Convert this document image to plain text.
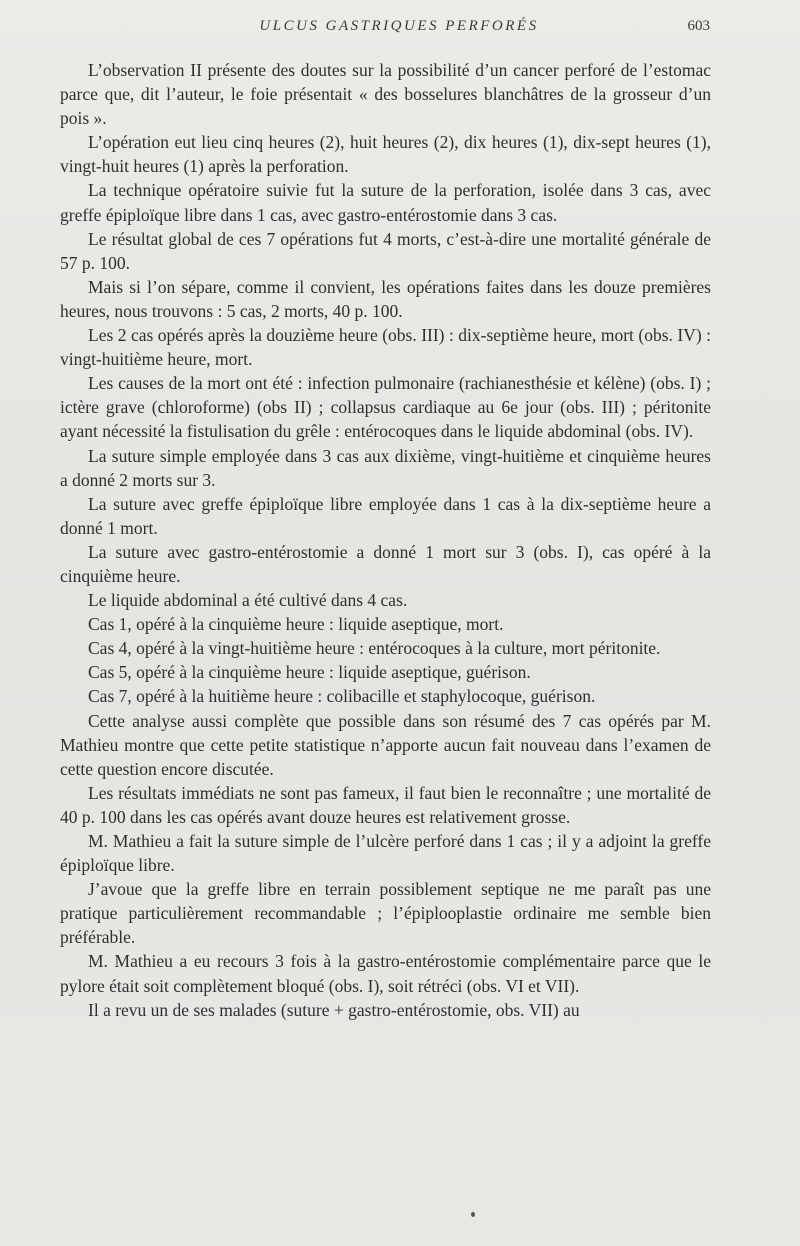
ULCUS GASTRIQUES PERFORÉS	603

L’observation II présente des doutes sur la possibilité d’un cancer perforé de l’estomac parce que, dit l’auteur, le foie présentait « des bosselures blanchâtres de la grosseur d’un pois ».

L’opération eut lieu cinq heures (2), huit heures (2), dix heures (1), dix-sept heures (1), vingt-huit heures (1) après la perforation.

La technique opératoire suivie fut la suture de la perforation, isolée dans 3 cas, avec greffe épiploïque libre dans 1 cas, avec gastro-entérostomie dans 3 cas.

Le résultat global de ces 7 opérations fut 4 morts, c’est-à-dire une mortalité générale de 57 p. 100.

Mais si l’on sépare, comme il convient, les opérations faites dans les douze premières heures, nous trouvons : 5 cas, 2 morts, 40 p. 100.

Les 2 cas opérés après la douzième heure (obs. III) : dix-septième heure, mort (obs. IV) : vingt-huitième heure, mort.

Les causes de la mort ont été : infection pulmonaire (rachianesthésie et kélène) (obs. I) ; ictère grave (chloroforme) (obs II) ; collapsus cardiaque au 6e jour (obs. III) ; péritonite ayant nécessité la fistulisation du grêle : entérocoques dans le liquide abdominal (obs. IV).

La suture simple employée dans 3 cas aux dixième, vingt-huitième et cinquième heures a donné 2 morts sur 3.

La suture avec greffe épiploïque libre employée dans 1 cas à la dix-septième heure a donné 1 mort.

La suture avec gastro-entérostomie a donné 1 mort sur 3 (obs. I), cas opéré à la cinquième heure.

Le liquide abdominal a été cultivé dans 4 cas.

Cas 1, opéré à la cinquième heure : liquide aseptique, mort.

Cas 4, opéré à la vingt-huitième heure : entérocoques à la culture, mort péritonite.

Cas 5, opéré à la cinquième heure : liquide aseptique, guérison.

Cas 7, opéré à la huitième heure : colibacille et staphylocoque, guérison.

Cette analyse aussi complète que possible dans son résumé des 7 cas opérés par M. Mathieu montre que cette petite statistique n’apporte aucun fait nouveau dans l’examen de cette question encore discutée.

Les résultats immédiats ne sont pas fameux, il faut bien le reconnaître ; une mortalité de 40 p. 100 dans les cas opérés avant douze heures est relativement grosse.

M. Mathieu a fait la suture simple de l’ulcère perforé dans 1 cas ; il y a adjoint la greffe épiploïque libre.

J’avoue que la greffe libre en terrain possiblement septique ne me paraît pas une pratique particulièrement recommandable ; l’épiplooplastie ordinaire me semble bien préférable.

M. Mathieu a eu recours 3 fois à la gastro-entérostomie complémentaire parce que le pylore était soit complètement bloqué (obs. I), soit rétréci (obs. VI et VII).

Il a revu un de ses malades (suture + gastro-entérostomie, obs. VII) au
